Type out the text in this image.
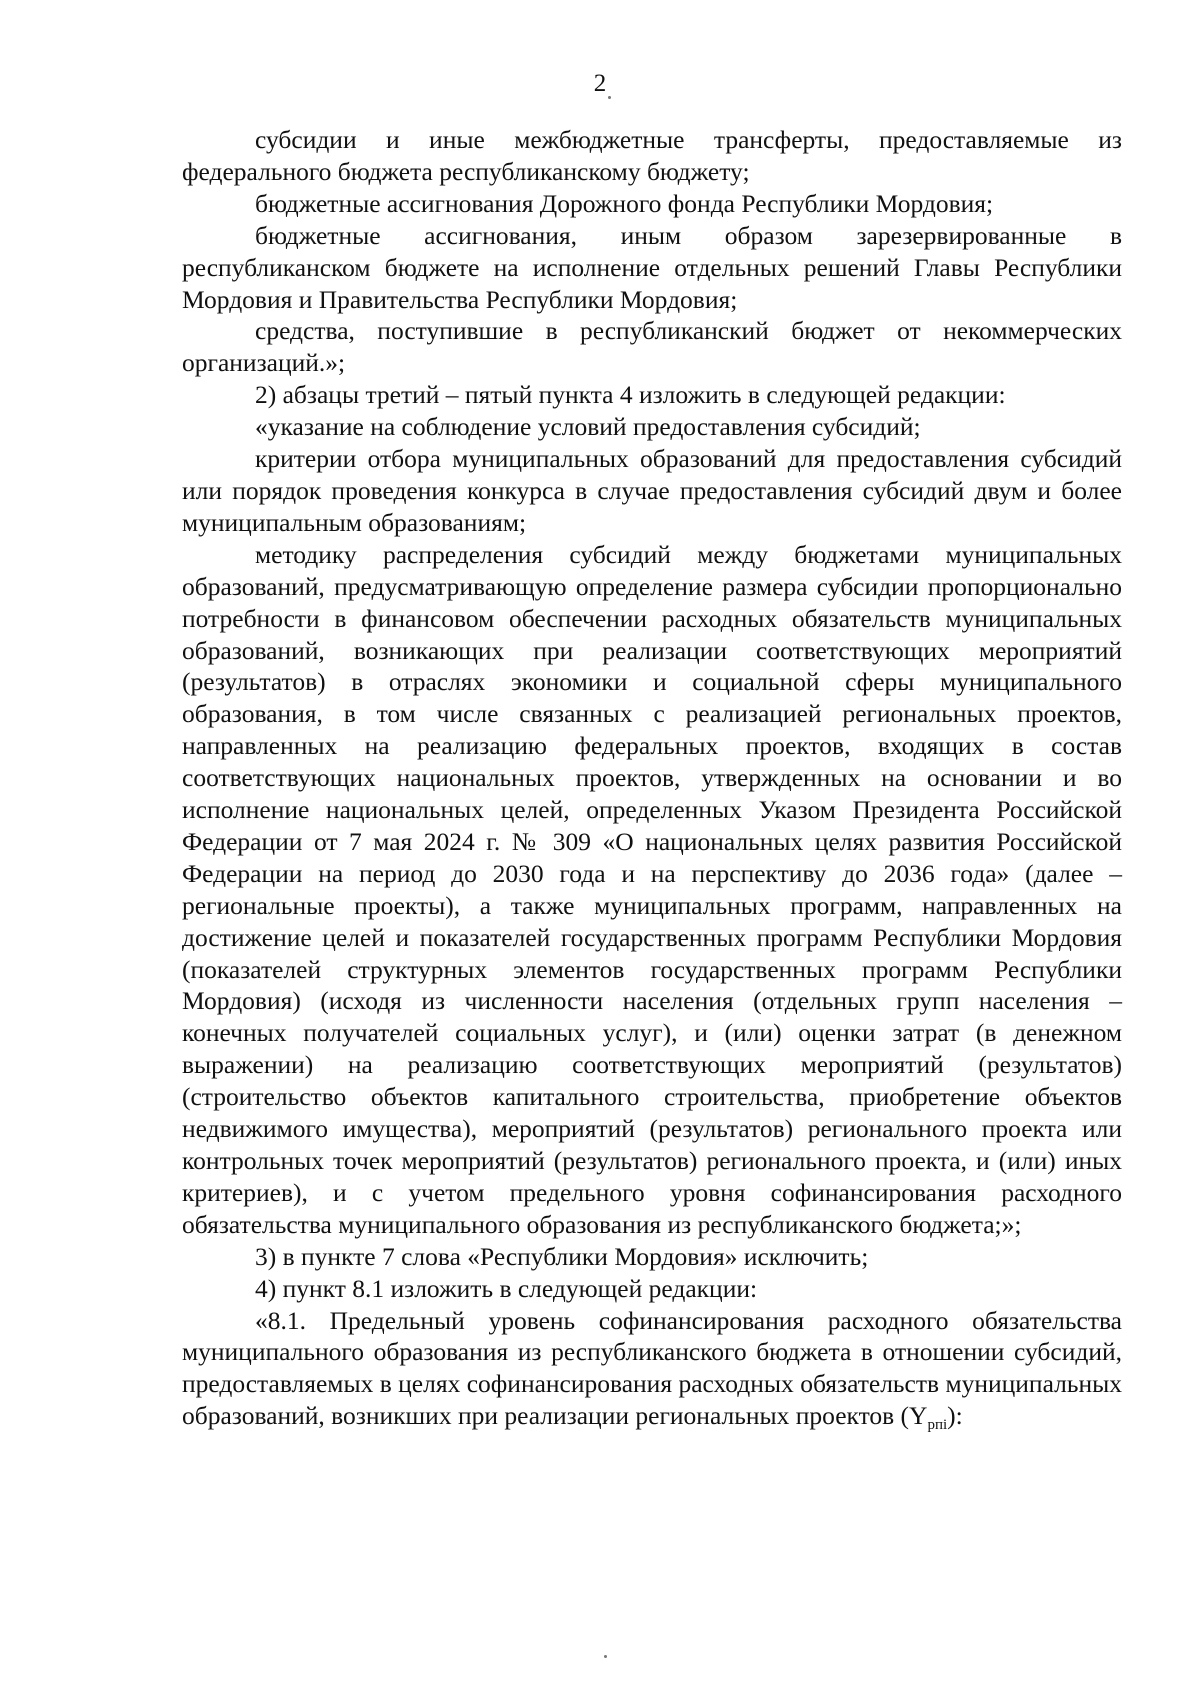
2

субсидии и иные межбюджетные трансферты, предоставляемые из федерального бюджета республиканскому бюджету;

бюджетные ассигнования Дорожного фонда Республики Мордовия;

бюджетные ассигнования, иным образом зарезервированные в республиканском бюджете на исполнение отдельных решений Главы Республики Мордовия и Правительства Республики Мордовия;

средства, поступившие в республиканский бюджет от некоммерческих организаций.»;

2) абзацы третий – пятый пункта 4 изложить в следующей редакции:

«указание на соблюдение условий предоставления субсидий;

критерии отбора муниципальных образований для предоставления субсидий или порядок проведения конкурса в случае предоставления субсидий двум и более муниципальным образованиям;

методику распределения субсидий между бюджетами муниципальных образований, предусматривающую определение размера субсидии пропорционально потребности в финансовом обеспечении расходных обязательств муниципальных образований, возникающих при реализации соответствующих мероприятий (результатов) в отраслях экономики и социальной сферы муниципального образования, в том числе связанных с реализацией региональных проектов, направленных на реализацию федеральных проектов, входящих в состав соответствующих национальных проектов, утвержденных на основании и во исполнение национальных целей, определенных Указом Президента Российской Федерации от 7 мая 2024 г. № 309 «О национальных целях развития Российской Федерации на период до 2030 года и на перспективу до 2036 года» (далее – региональные проекты), а также муниципальных программ, направленных на достижение целей и показателей государственных программ Республики Мордовия (показателей структурных элементов государственных программ Республики Мордовия) (исходя из численности населения (отдельных групп населения – конечных получателей социальных услуг), и (или) оценки затрат (в денежном выражении) на реализацию соответствующих мероприятий (результатов) (строительство объектов капитального строительства, приобретение объектов недвижимого имущества), мероприятий (результатов) регионального проекта или контрольных точек мероприятий (результатов) регионального проекта, и (или) иных критериев), и с учетом предельного уровня софинансирования расходного обязательства муниципального образования из республиканского бюджета;»;

3) в пункте 7 слова «Республики Мордовия» исключить;

4) пункт 8.1 изложить в следующей редакции:

«8.1. Предельный уровень софинансирования расходного обязательства муниципального образования из республиканского бюджета в отношении субсидий, предоставляемых в целях софинансирования расходных обязательств муниципальных образований, возникших при реализации региональных проектов $(Y_{рпi})$:
